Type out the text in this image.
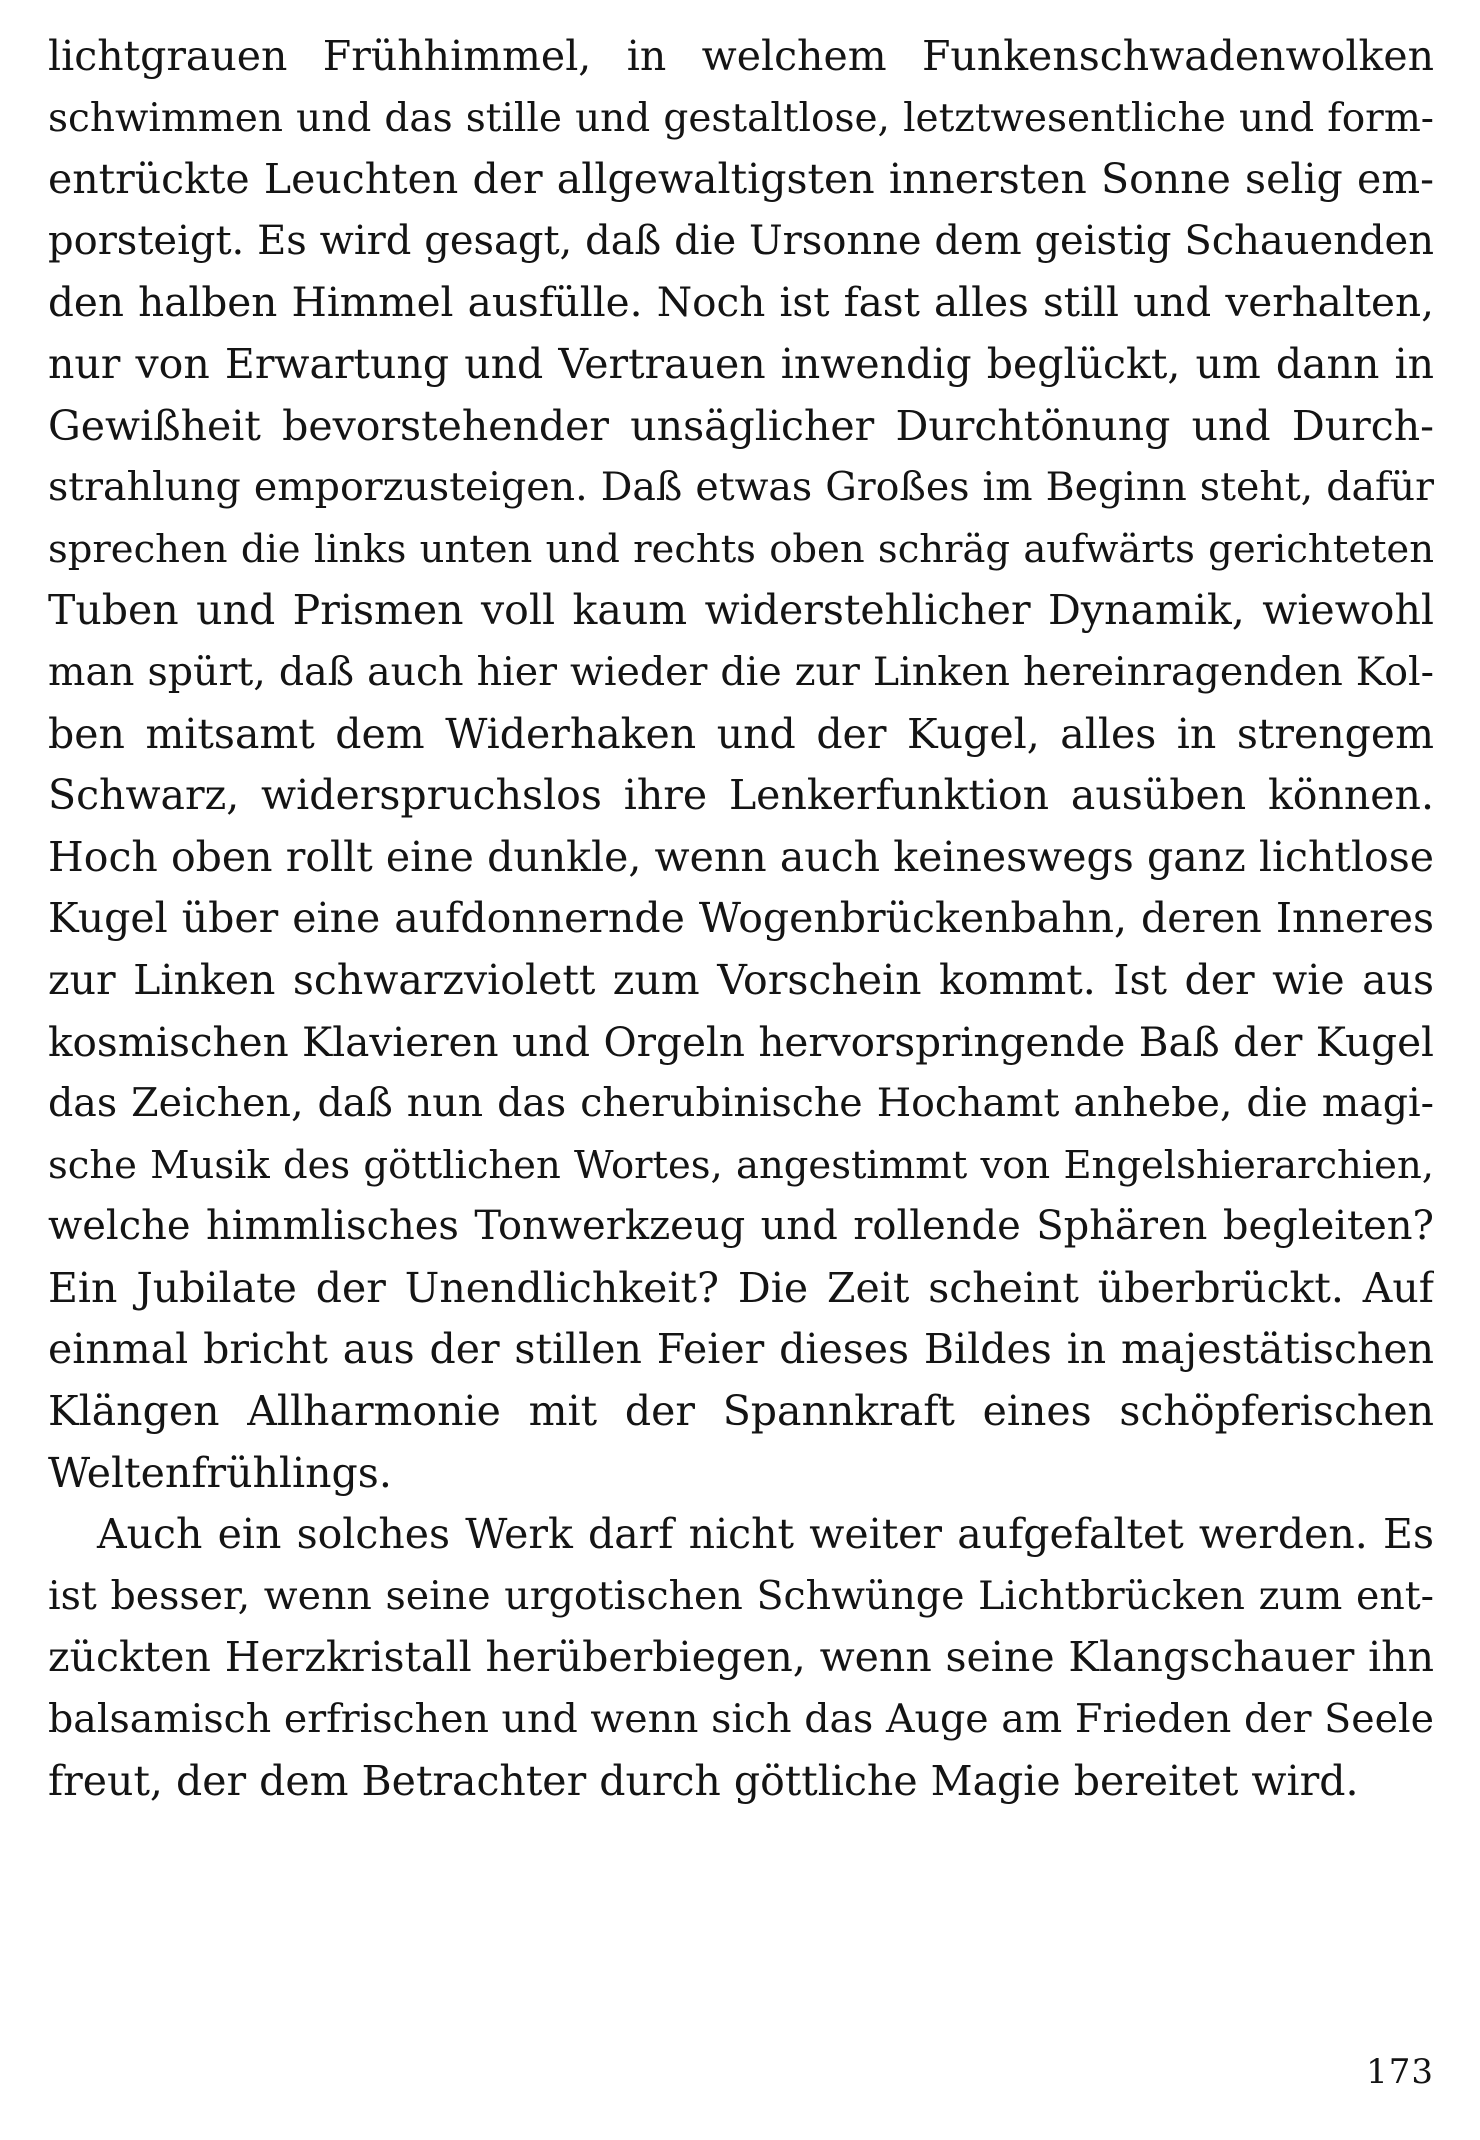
lichtgrauen Frühhimmel, in welchem Funkenschwadenwolken
schwimmen und das stille und gestaltlose, letztwesentliche und form-
entrückte Leuchten der allgewaltigsten innersten Sonne selig em-
porsteigt. Es wird gesagt, daß die Ursonne dem geistig Schauenden
den halben Himmel ausfülle. Noch ist fast alles still und verhalten,
nur von Erwartung und Vertrauen inwendig beglückt, um dann in
Gewißheit bevorstehender unsäglicher Durchtönung und Durch-
strahlung emporzusteigen. Daß etwas Großes im Beginn steht, dafür
sprechen die links unten und rechts oben schräg aufwärts gerichteten
Tuben und Prismen voll kaum widerstehlicher Dynamik, wiewohl
man spürt, daß auch hier wieder die zur Linken hereinragenden Kol-
ben mitsamt dem Widerhaken und der Kugel, alles in strengem
Schwarz, widerspruchslos ihre Lenkerfunktion ausüben können.
Hoch oben rollt eine dunkle, wenn auch keineswegs ganz lichtlose
Kugel über eine aufdonnernde Wogenbrückenbahn, deren Inneres
zur Linken schwarzviolett zum Vorschein kommt. Ist der wie aus
kosmischen Klavieren und Orgeln hervorspringende Baß der Kugel
das Zeichen, daß nun das cherubinische Hochamt anhebe, die magi-
sche Musik des göttlichen Wortes, angestimmt von Engelshierarchien,
welche himmlisches Tonwerkzeug und rollende Sphären begleiten?
Ein Jubilate der Unendlichkeit? Die Zeit scheint überbrückt. Auf
einmal bricht aus der stillen Feier dieses Bildes in majestätischen
Klängen Allharmonie mit der Spannkraft eines schöpferischen
Weltenfrühlings.
Auch ein solches Werk darf nicht weiter aufgefaltet werden. Es
ist besser, wenn seine urgotischen Schwünge Lichtbrücken zum ent-
zückten Herzkristall herüberbiegen, wenn seine Klangschauer ihn
balsamisch erfrischen und wenn sich das Auge am Frieden der Seele
freut, der dem Betrachter durch göttliche Magie bereitet wird.
173
